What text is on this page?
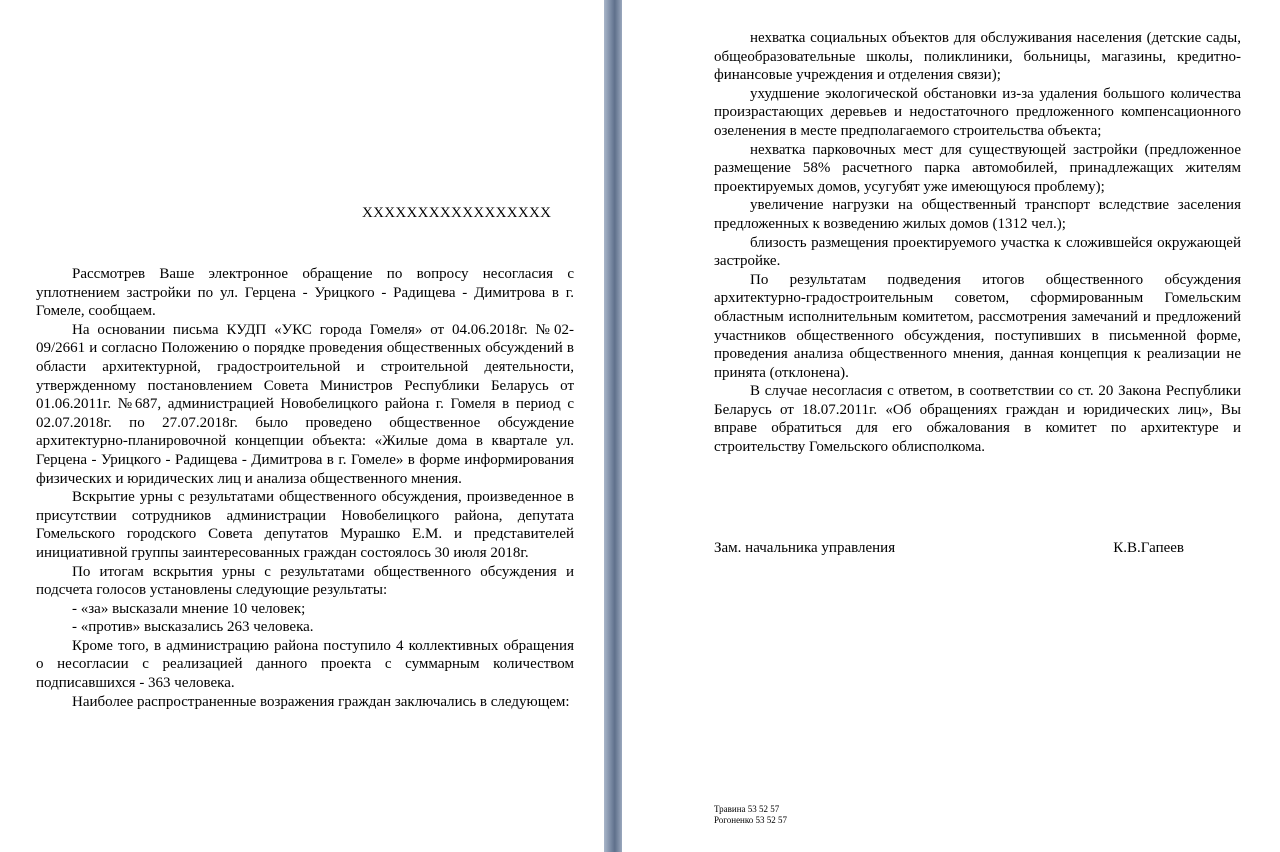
ХХХХХХХХХХХХХХХХХ

Рассмотрев Ваше электронное обращение по вопросу несогласия с уплотнением застройки по ул. Герцена - Урицкого - Радищева - Димитрова в г. Гомеле, сообщаем.

На основании письма КУДП «УКС города Гомеля» от 04.06.2018г. №02-09/2661 и согласно Положению о порядке проведения общественных обсуждений в области архитектурной, градостроительной и строительной деятельности, утвержденному постановлением Совета Министров Республики Беларусь от 01.06.2011г. №687, администрацией Новобелицкого района г. Гомеля в период с 02.07.2018г. по 27.07.2018г. было проведено общественное обсуждение архитектурно-планировочной концепции объекта: «Жилые дома в квартале ул. Герцена - Урицкого - Радищева - Димитрова в г. Гомеле» в форме информирования физических и юридических лиц и анализа общественного мнения.

Вскрытие урны с результатами общественного обсуждения, произведенное в присутствии сотрудников администрации Новобелицкого района, депутата Гомельского городского Совета депутатов Мурашко Е.М. и представителей инициативной группы заинтересованных граждан состоялось 30 июля 2018г.

По итогам вскрытия урны с результатами общественного обсуждения и подсчета голосов установлены следующие результаты:

- «за» высказали мнение 10 человек;

- «против» высказались 263 человека.

Кроме того, в администрацию района поступило 4 коллективных обращения о несогласии с реализацией данного проекта с суммарным количеством подписавшихся - 363 человека.

Наиболее распространенные возражения граждан заключались в следующем:

нехватка социальных объектов для обслуживания населения (детские сады, общеобразовательные школы, поликлиники, больницы, магазины, кредитно-финансовые учреждения и отделения связи);

ухудшение экологической обстановки из-за удаления большого количества произрастающих деревьев и недостаточного предложенного компенсационного озеленения в месте предполагаемого строительства объекта;

нехватка парковочных мест для существующей застройки (предложенное размещение 58% расчетного парка автомобилей, принадлежащих жителям проектируемых домов, усугубят уже имеющуюся проблему);

увеличение нагрузки на общественный транспорт вследствие заселения предложенных к возведению жилых домов (1312 чел.);

близость размещения проектируемого участка к сложившейся окружающей застройке.

По результатам подведения итогов общественного обсуждения архитектурно-градостроительным советом, сформированным Гомельским областным исполнительным комитетом, рассмотрения замечаний и предложений участников общественного обсуждения, поступивших в письменной форме, проведения анализа общественного мнения, данная концепция к реализации не принята (отклонена).

В случае несогласия с ответом, в соответствии со ст. 20 Закона Республики Беларусь от 18.07.2011г. «Об обращениях граждан и юридических лиц», Вы вправе обратиться для его обжалования в комитет по архитектуре и строительству Гомельского облисполкома.

Зам. начальника управления	К.В.Гапеев
Травина 53 52 57
Рогоненко 53 52 57
